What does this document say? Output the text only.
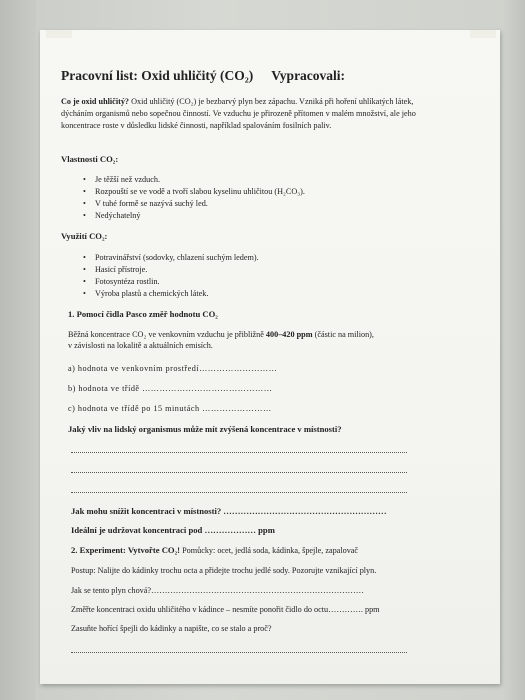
Pracovní list: Oxid uhličitý (CO₂) Vypracovali:
Co je oxid uhličitý? Oxid uhličitý (CO₂) je bezbarvý plyn bez zápachu. Vzniká při hoření uhlíkatých látek, dýcháním organismů nebo sopečnou činností. Ve vzduchu je přirozeně přítomen v malém množství, ale jeho koncentrace roste v důsledku lidské činnosti, například spalováním fosilních paliv.
Vlastnosti CO₂:
• Je těžší než vzduch.
• Rozpouští se ve vodě a tvoří slabou kyselinu uhličitou (H₂CO₃).
• V tuhé formě se nazývá suchý led.
• Nedýchatelný
Využití CO₂:
• Potravinářství (sodovky, chlazení suchým ledem).
• Hasicí přístroje.
• Fotosyntéza rostlin.
• Výroba plastů a chemických látek.
1. Pomocí čidla Pasco změř hodnotu CO₂
Běžná koncentrace CO₂ ve venkovním vzduchu je přibližně 400–420 ppm (částic na milion),
v závislosti na lokalitě a aktuálních emisích.
a) hodnota ve venkovním prostředí………………………
b) hodnota ve třídě ………………………………………
c) hodnota ve třídě po 15 minutách ……………………
Jaký vliv na lidský organismus může mít zvýšená koncentrace v místnosti?
Jak mohu snížit koncentraci v místnosti? …………………………………………………
Ideální je udržovat koncentraci pod ……………… ppm
2. Experiment: Vytvořte CO₂! Pomůcky: ocet, jedlá soda, kádinka, špejle, zapalovač
Postup: Nalijte do kádinky trochu octa a přidejte trochu jedlé sody. Pozorujte vznikající plyn.
Jak se tento plyn chová?……………………………………………………………………
Změřte koncentraci oxidu uhličitého v kádince – nesmíte ponořit čidlo do octu…………. ppm
Zasuňte hořící špejli do kádinky a napište, co se stalo a proč?
